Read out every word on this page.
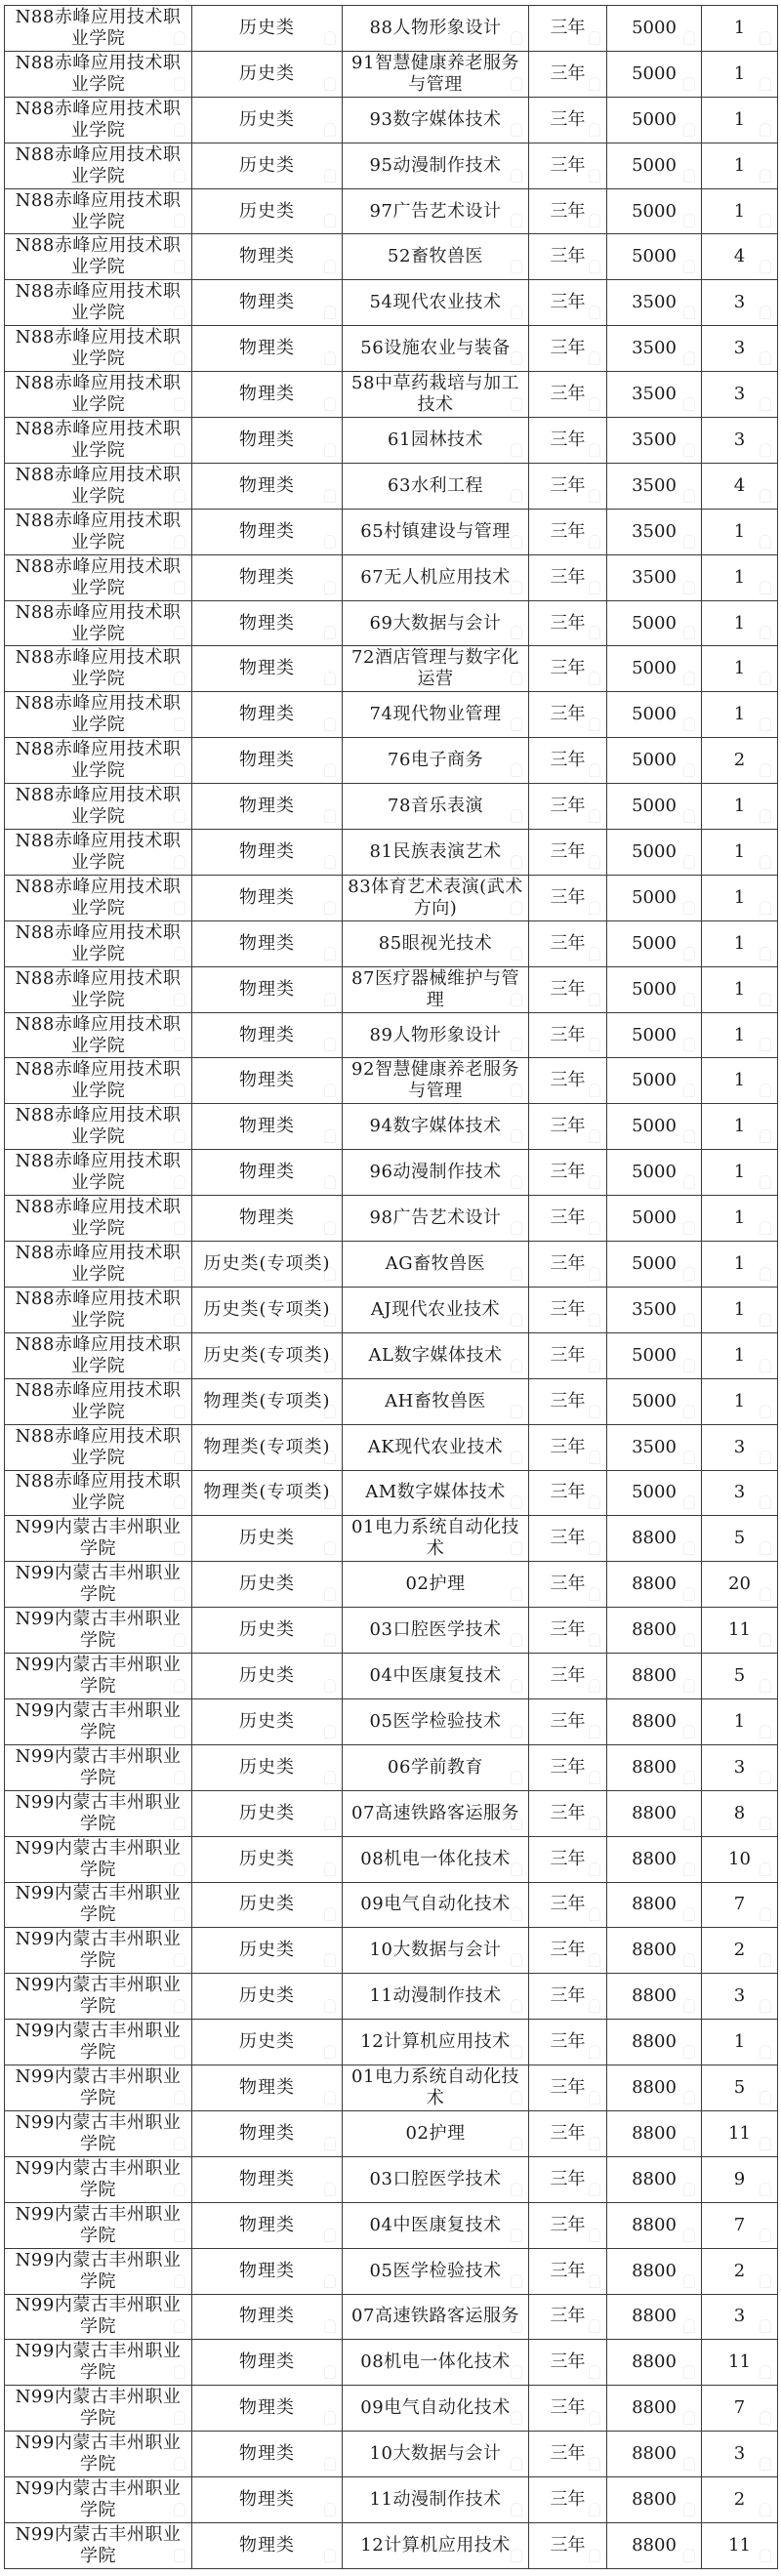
N88赤峰应用技术职业学院	历史类	88人物形象设计	三年	5000	1
N88赤峰应用技术职业学院	历史类	91智慧健康养老服务与管理	三年	5000	1
N88赤峰应用技术职业学院	历史类	93数字媒体技术	三年	5000	1
N88赤峰应用技术职业学院	历史类	95动漫制作技术	三年	5000	1
N88赤峰应用技术职业学院	历史类	97广告艺术设计	三年	5000	1
N88赤峰应用技术职业学院	物理类	52畜牧兽医	三年	5000	4
N88赤峰应用技术职业学院	物理类	54现代农业技术	三年	3500	3
N88赤峰应用技术职业学院	物理类	56设施农业与装备	三年	3500	3
N88赤峰应用技术职业学院	物理类	58中草药栽培与加工技术	三年	3500	3
N88赤峰应用技术职业学院	物理类	61园林技术	三年	3500	3
N88赤峰应用技术职业学院	物理类	63水利工程	三年	3500	4
N88赤峰应用技术职业学院	物理类	65村镇建设与管理	三年	3500	1
N88赤峰应用技术职业学院	物理类	67无人机应用技术	三年	3500	1
N88赤峰应用技术职业学院	物理类	69大数据与会计	三年	5000	1
N88赤峰应用技术职业学院	物理类	72酒店管理与数字化运营	三年	5000	1
N88赤峰应用技术职业学院	物理类	74现代物业管理	三年	5000	1
N88赤峰应用技术职业学院	物理类	76电子商务	三年	5000	2
N88赤峰应用技术职业学院	物理类	78音乐表演	三年	5000	1
N88赤峰应用技术职业学院	物理类	81民族表演艺术	三年	5000	1
N88赤峰应用技术职业学院	物理类	83体育艺术表演(武术方向)	三年	5000	1
N88赤峰应用技术职业学院	物理类	85眼视光技术	三年	5000	1
N88赤峰应用技术职业学院	物理类	87医疗器械维护与管理	三年	5000	1
N88赤峰应用技术职业学院	物理类	89人物形象设计	三年	5000	1
N88赤峰应用技术职业学院	物理类	92智慧健康养老服务与管理	三年	5000	1
N88赤峰应用技术职业学院	物理类	94数字媒体技术	三年	5000	1
N88赤峰应用技术职业学院	物理类	96动漫制作技术	三年	5000	1
N88赤峰应用技术职业学院	物理类	98广告艺术设计	三年	5000	1
N88赤峰应用技术职业学院	历史类(专项类)	AG畜牧兽医	三年	5000	1
N88赤峰应用技术职业学院	历史类(专项类)	AJ现代农业技术	三年	3500	1
N88赤峰应用技术职业学院	历史类(专项类)	AL数字媒体技术	三年	5000	1
N88赤峰应用技术职业学院	物理类(专项类)	AH畜牧兽医	三年	5000	1
N88赤峰应用技术职业学院	物理类(专项类)	AK现代农业技术	三年	3500	3
N88赤峰应用技术职业学院	物理类(专项类)	AM数字媒体技术	三年	5000	3
N99内蒙古丰州职业学院	历史类	01电力系统自动化技术	三年	8800	5
N99内蒙古丰州职业学院	历史类	02护理	三年	8800	20
N99内蒙古丰州职业学院	历史类	03口腔医学技术	三年	8800	11
N99内蒙古丰州职业学院	历史类	04中医康复技术	三年	8800	5
N99内蒙古丰州职业学院	历史类	05医学检验技术	三年	8800	1
N99内蒙古丰州职业学院	历史类	06学前教育	三年	8800	3
N99内蒙古丰州职业学院	历史类	07高速铁路客运服务	三年	8800	8
N99内蒙古丰州职业学院	历史类	08机电一体化技术	三年	8800	10
N99内蒙古丰州职业学院	历史类	09电气自动化技术	三年	8800	7
N99内蒙古丰州职业学院	历史类	10大数据与会计	三年	8800	2
N99内蒙古丰州职业学院	历史类	11动漫制作技术	三年	8800	3
N99内蒙古丰州职业学院	历史类	12计算机应用技术	三年	8800	1
N99内蒙古丰州职业学院	物理类	01电力系统自动化技术	三年	8800	5
N99内蒙古丰州职业学院	物理类	02护理	三年	8800	11
N99内蒙古丰州职业学院	物理类	03口腔医学技术	三年	8800	9
N99内蒙古丰州职业学院	物理类	04中医康复技术	三年	8800	7
N99内蒙古丰州职业学院	物理类	05医学检验技术	三年	8800	2
N99内蒙古丰州职业学院	物理类	07高速铁路客运服务	三年	8800	3
N99内蒙古丰州职业学院	物理类	08机电一体化技术	三年	8800	11
N99内蒙古丰州职业学院	物理类	09电气自动化技术	三年	8800	7
N99内蒙古丰州职业学院	物理类	10大数据与会计	三年	8800	3
N99内蒙古丰州职业学院	物理类	11动漫制作技术	三年	8800	2
N99内蒙古丰州职业学院	物理类	12计算机应用技术	三年	8800	11
